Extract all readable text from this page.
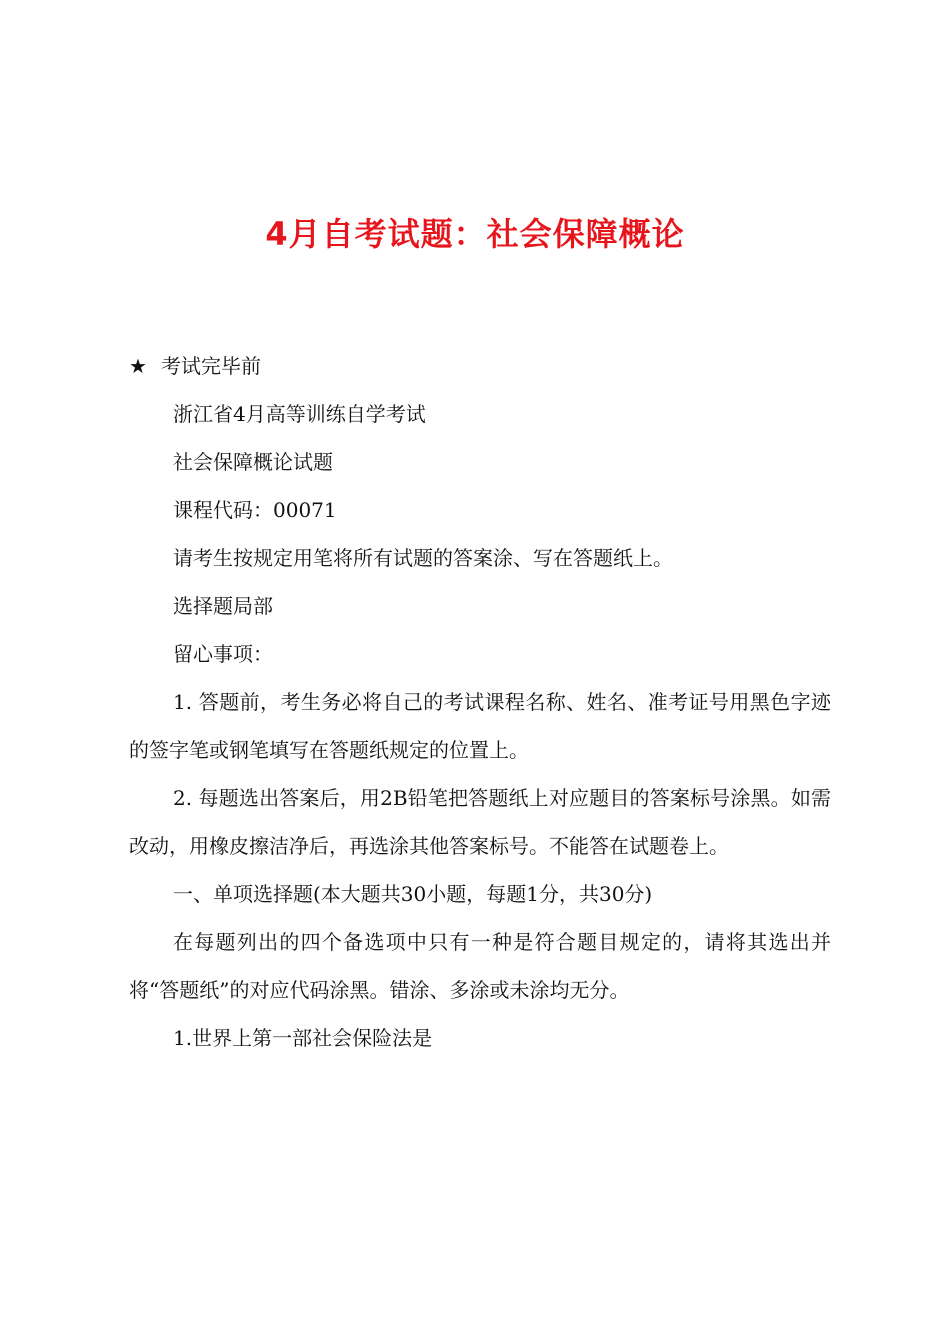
4月自考试题：社会保障概论

★ 考试完毕前

浙江省4月高等训练自学考试

社会保障概论试题

课程代码：00071

请考生按规定用笔将所有试题的答案涂、写在答题纸上。

选择题局部

留心事项：

1. 答题前，考生务必将自己的考试课程名称、姓名、准考证号用黑色字迹的签字笔或钢笔填写在答题纸规定的位置上。

2. 每题选出答案后，用2B铅笔把答题纸上对应题目的答案标号涂黑。如需改动，用橡皮擦洁净后，再选涂其他答案标号。不能答在试题卷上。

一、单项选择题(本大题共30小题，每题1分，共30分)

在每题列出的四个备选项中只有一种是符合题目规定的，请将其选出并将“答题纸”的对应代码涂黑。错涂、多涂或未涂均无分。

1.世界上第一部社会保险法是
